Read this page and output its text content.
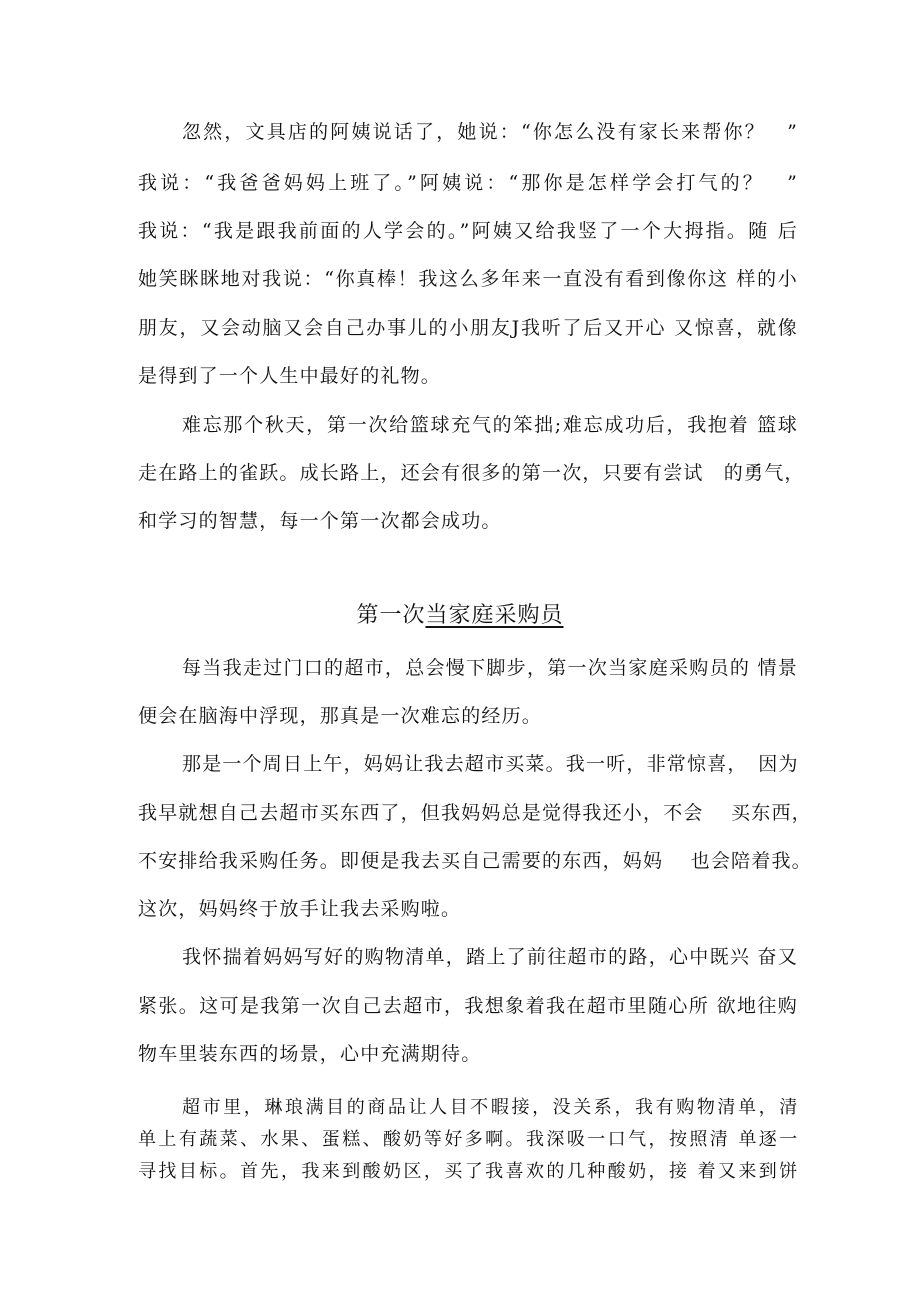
忽然，文具店的阿姨说话了，她说：“你怎么没有家长来帮你？　”
我说：“我爸爸妈妈上班了。”阿姨说：“那你是怎样学会打气的？　”
我说：“我是跟我前面的人学会的。”阿姨又给我竖了一个大拇指。随 后
她笑眯眯地对我说：“你真棒！我这么多年来一直没有看到像你这 样的小
朋友，又会动脑又会自己办事儿的小朋友J我听了后又开心 又惊喜，就像
是得到了一个人生中最好的礼物。
难忘那个秋天，第一次给篮球充气的笨拙;难忘成功后，我抱着 篮球
走在路上的雀跃。成长路上，还会有很多的第一次，只要有尝试　的勇气，
和学习的智慧，每一个第一次都会成功。
第一次当家庭采购员
每当我走过门口的超市，总会慢下脚步，第一次当家庭采购员的 情景
便会在脑海中浮现，那真是一次难忘的经历。
那是一个周日上午，妈妈让我去超市买菜。我一听，非常惊喜，　因为
我早就想自己去超市买东西了，但我妈妈总是觉得我还小，不会　 买东西，
不安排给我采购任务。即便是我去买自己需要的东西，妈妈　 也会陪着我。
这次，妈妈终于放手让我去采购啦。
我怀揣着妈妈写好的购物清单，踏上了前往超市的路，心中既兴 奋又
紧张。这可是我第一次自己去超市，我想象着我在超市里随心所 欲地往购
物车里装东西的场景，心中充满期待。
超市里，琳琅满目的商品让人目不暇接，没关系，我有购物清单，清
单上有蔬菜、水果、蛋糕、酸奶等好多啊。我深吸一口气，按照清 单逐一
寻找目标。首先，我来到酸奶区，买了我喜欢的几种酸奶，接 着又来到饼
